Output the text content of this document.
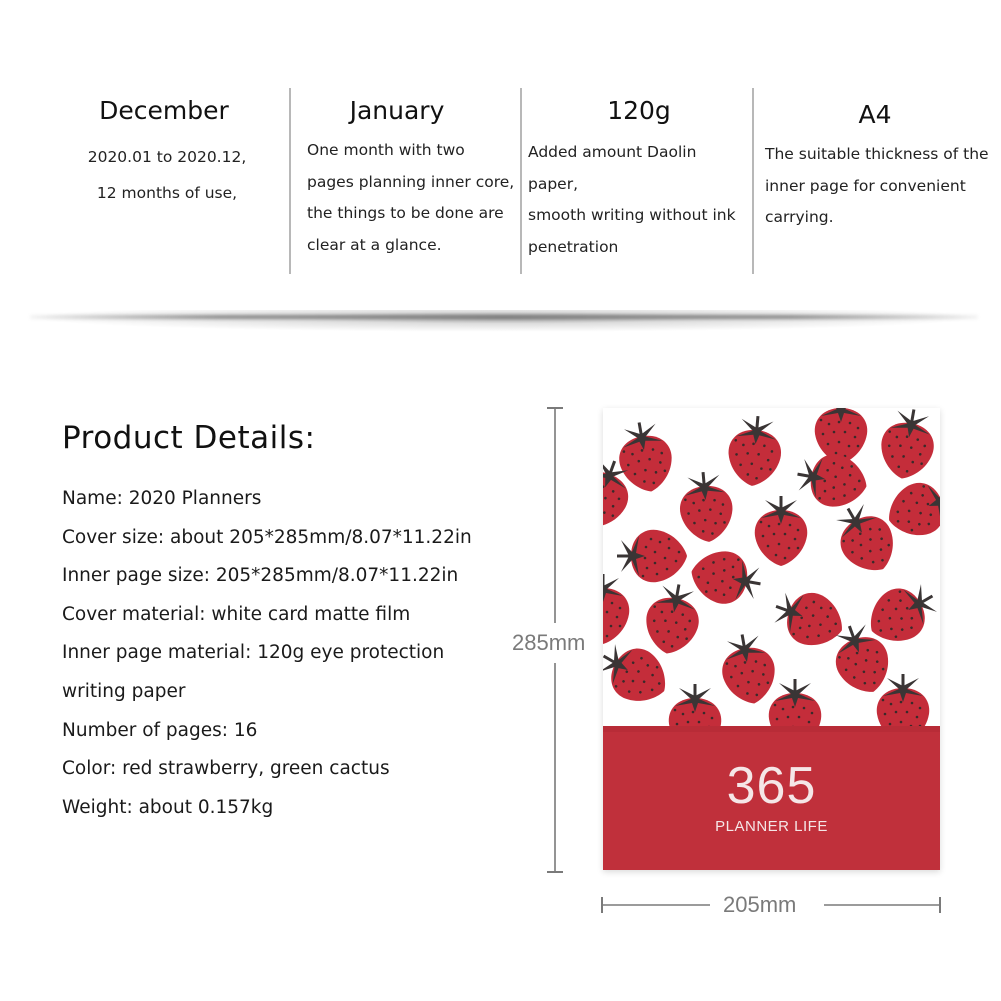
December
2020.01 to 2020.12,
12 months of use,
January
One month with two
pages planning inner core,
the things to be done are
clear at a glance.
120g
Added amount Daolin paper,
smooth writing without ink
penetration
A4
The suitable thickness of the
inner page for convenient
carrying.
Product Details:
Name: 2020 Planners
Cover size: about 205*285mm/8.07*11.22in
Inner page size: 205*285mm/8.07*11.22in
Cover material: white card matte film
Inner page material: 120g eye protection
writing paper
Number of pages: 16
Color: red strawberry, green cactus
Weight: about 0.157kg
285mm
205mm
365
PLANNER LIFE
